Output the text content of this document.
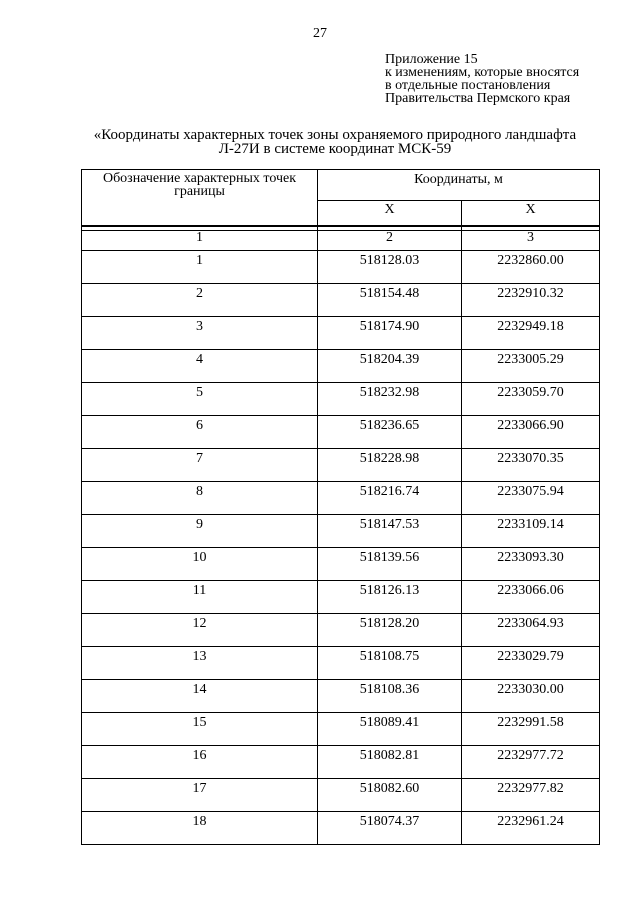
27
Приложение 15
к изменениям, которые вносятся
в отдельные постановления
Правительства Пермского края
«Координаты характерных точек зоны охраняемого природного ландшафта
Л-27И в системе координат МСК-59
Обозначение характерных точек границы	Координаты, м	
	X	Х

1	2	3
1	518128.03	2232860.00
2	518154.48	2232910.32
3	518174.90	2232949.18
4	518204.39	2233005.29
5	518232.98	2233059.70
6	518236.65	2233066.90
7	518228.98	2233070.35
8	518216.74	2233075.94
9	518147.53	2233109.14
10	518139.56	2233093.30
11	518126.13	2233066.06
12	518128.20	2233064.93
13	518108.75	2233029.79
14	518108.36	2233030.00
15	518089.41	2232991.58
16	518082.81	2232977.72
17	518082.60	2232977.82
18	518074.37	2232961.24
